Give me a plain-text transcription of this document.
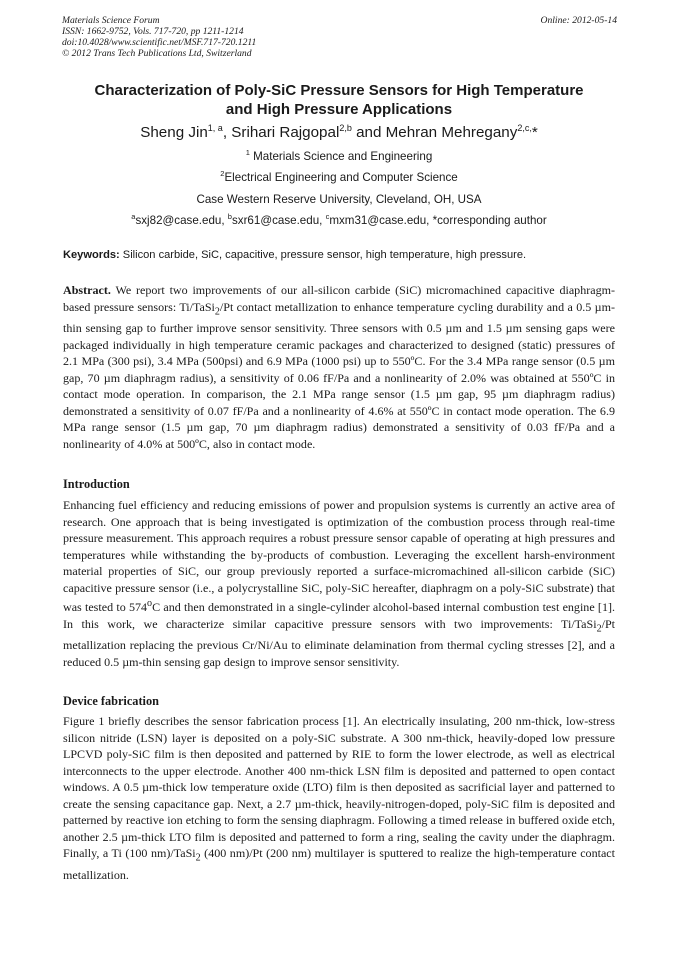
Materials Science Forum
ISSN: 1662-9752, Vols. 717-720, pp 1211-1214
doi:10.4028/www.scientific.net/MSF.717-720.1211
© 2012 Trans Tech Publications Ltd, Switzerland
Online: 2012-05-14
Characterization of Poly-SiC Pressure Sensors for High Temperature
and High Pressure Applications
Sheng Jin$^{1, a}$, Srihari Rajgopal$^{2,b}$ and Mehran Mehregany$^{2,c,}$*
$^1$ Materials Science and Engineering
$^2$Electrical Engineering and Computer Science
Case Western Reserve University, Cleveland, OH, USA
$^a$sxj82@case.edu, $^b$sxr61@case.edu, $^c$mxm31@case.edu, *corresponding author
Keywords: Silicon carbide, SiC, capacitive, pressure sensor, high temperature, high pressure.
Abstract. We report two improvements of our all-silicon carbide (SiC) micromachined capacitive diaphragm-based pressure sensors: Ti/TaSi$_2$/Pt contact metallization to enhance temperature cycling durability and a 0.5 µm-thin sensing gap to further improve sensor sensitivity. Three sensors with 0.5 µm and 1.5 µm sensing gaps were packaged individually in high temperature ceramic packages and characterized to designed (static) pressures of 2.1 MPa (300 psi), 3.4 MPa (500psi) and 6.9 MPa (1000 psi) up to 550ºC. For the 3.4 MPa range sensor (0.5 µm gap, 70 µm diaphragm radius), a sensitivity of 0.06 fF/Pa and a nonlinearity of 2.0% was obtained at 550ºC in contact mode operation. In comparison, the 2.1 MPa range sensor (1.5 µm gap, 95 µm diaphragm radius) demonstrated a sensitivity of 0.07 fF/Pa and a nonlinearity of 4.6% at 550ºC in contact mode operation. The 6.9 MPa range sensor (1.5 µm gap, 70 µm diaphragm radius) demonstrated a sensitivity of 0.03 fF/Pa and a nonlinearity of 4.0% at 500ºC, also in contact mode.
Introduction
Enhancing fuel efficiency and reducing emissions of power and propulsion systems is currently an active area of research. One approach that is being investigated is optimization of the combustion process through real-time pressure measurement. This approach requires a robust pressure sensor capable of operating at high pressures and temperatures while withstanding the by-products of combustion. Leveraging the excellent harsh-environment material properties of SiC, our group previously reported a surface-micromachined all-silicon carbide (SiC) capacitive pressure sensor (i.e., a polycrystalline SiC, poly-SiC hereafter, diaphragm on a poly-SiC substrate) that was tested to 574$^o$C and then demonstrated in a single-cylinder alcohol-based internal combustion test engine [1]. In this work, we characterize similar capacitive pressure sensors with two improvements: Ti/TaSi$_2$/Pt metallization replacing the previous Cr/Ni/Au to eliminate delamination from thermal cycling stresses [2], and a reduced 0.5 µm-thin sensing gap design to improve sensor sensitivity.
Device fabrication
Figure 1 briefly describes the sensor fabrication process [1]. An electrically insulating, 200 nm-thick, low-stress silicon nitride (LSN) layer is deposited on a poly-SiC substrate. A 300 nm-thick, heavily-doped low pressure LPCVD poly-SiC film is then deposited and patterned by RIE to form the lower electrode, as well as electrical interconnects to the upper electrode. Another 400 nm-thick LSN film is deposited and patterned to open contact windows. A 0.5 µm-thick low temperature oxide (LTO) film is then deposited as sacrificial layer and patterned to create the sensing capacitance gap. Next, a 2.7 µm-thick, heavily-nitrogen-doped, poly-SiC film is deposited and patterned by reactive ion etching to form the sensing diaphragm. Following a timed release in buffered oxide etch, another 2.5 µm-thick LTO film is deposited and patterned to form a ring, sealing the cavity under the diaphragm. Finally, a Ti (100 nm)/TaSi$_2$ (400 nm)/Pt (200 nm) multilayer is sputtered to realize the high-temperature contact metallization.
